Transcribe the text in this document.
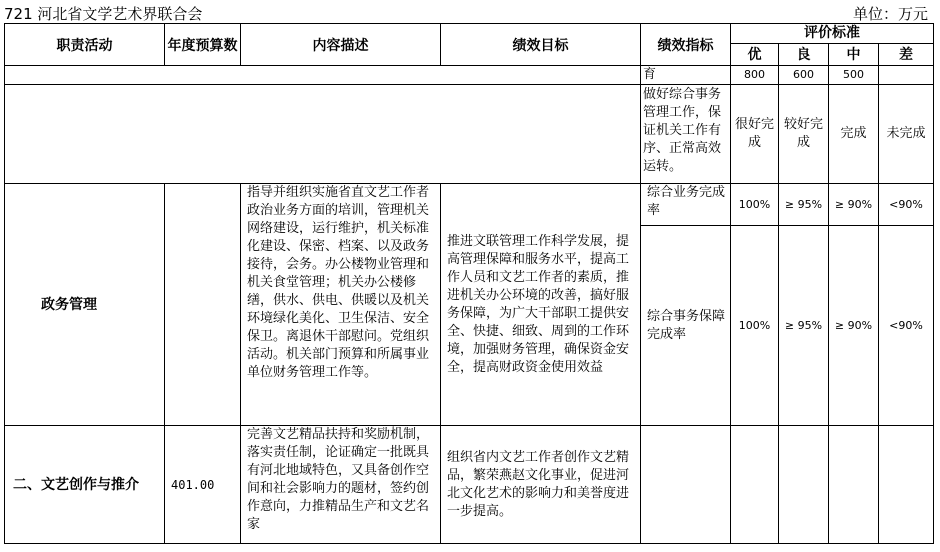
721 河北省文学艺术界联合会	单位：万元
职责活动	年度预算数	内容描述	绩效目标	绩效指标	评价标准			
					优	良	中	差
				育	800	600	500	
				做好综合事务管理工作，保证机关工作有序、正常高效运转。	很好完成	较好完成	完成	未完成
政务管理		指导并组织实施省直文艺工作者政治业务方面的培训，管理机关网络建设，运行维护，机关标准化建设、保密、档案、以及政务接待，会务。办公楼物业管理和机关食堂管理；机关办公楼修缮，供水、供电、供暖以及机关环境绿化美化、卫生保洁、安全保卫。离退休干部慰问。党组织活动。机关部门预算和所属事业单位财务管理工作等。	推进文联管理工作科学发展，提高管理保障和服务水平，提高工作人员和文艺工作者的素质，推进机关办公环境的改善，搞好服务保障，为广大干部职工提供安全、快捷、细致、周到的工作环境，加强财务管理，确保资金安全，提高财政资金使用效益	综合业务完成率	100%	≥ 95%	≥ 90%	<90%
				综合事务保障完成率	100%	≥ 95%	≥ 90%	<90%
二、文艺创作与推介	401.00	完善文艺精品扶持和奖励机制，落实责任制，论证确定一批既具有河北地域特色，又具备创作空间和社会影响力的题材，签约创作意向，力推精品生产和文艺名家	组织省内文艺工作者创作文艺精品，繁荣燕赵文化事业，促进河北文化艺术的影响力和美誉度进一步提高。					
